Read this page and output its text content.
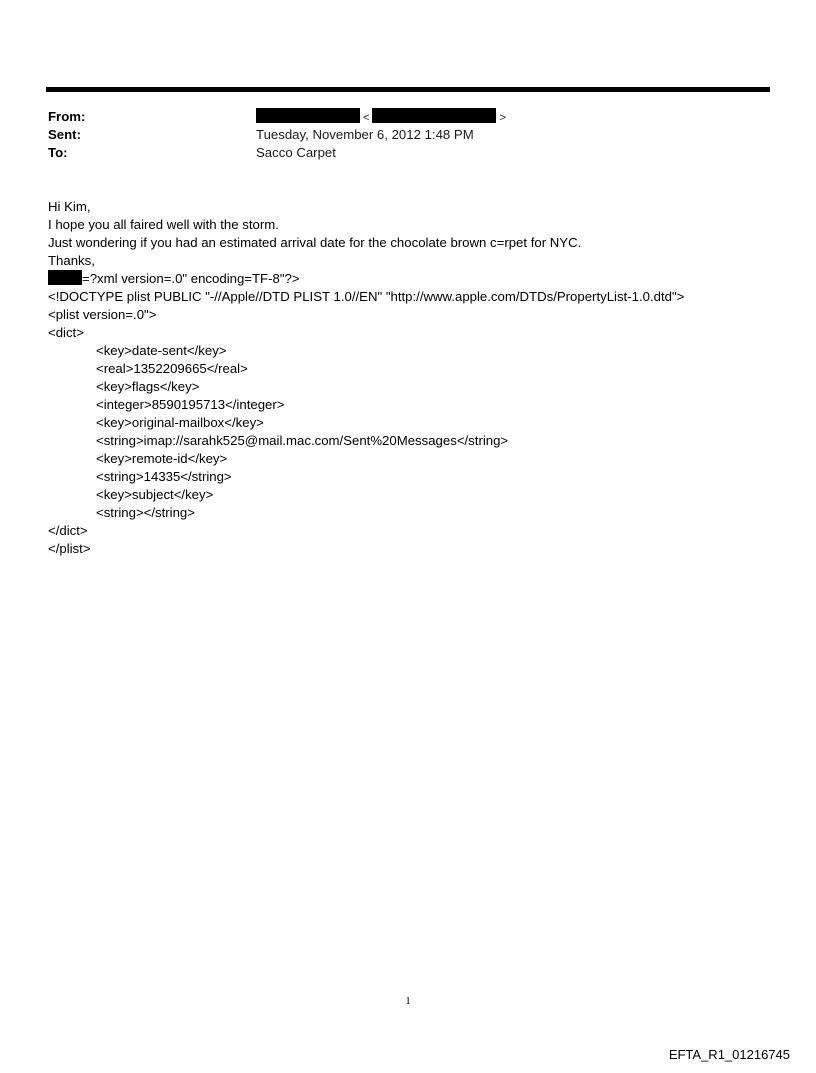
From:	<	>
Sent:	Tuesday, November 6, 2012 1:48 PM
To:	Sacco Carpet
Hi Kim,
I hope you all faired well with the storm.
Just wondering if you had an estimated arrival date for the chocolate brown c=rpet for NYC.
Thanks,
=?xml version=.0" encoding=TF-8"?>
<!DOCTYPE plist PUBLIC "-//Apple//DTD PLIST 1.0//EN" "http://www.apple.com/DTDs/PropertyList-1.0.dtd">
<plist version=.0">
<dict>
<key>date-sent</key>
<real>1352209665</real>
<key>flags</key>
<integer>8590195713</integer>
<key>original-mailbox</key>
<string>imap://sarahk525@mail.mac.com/Sent%20Messages</string>
<key>remote-id</key>
<string>14335</string>
<key>subject</key>
<string></string>
</dict>
</plist>
1
EFTA_R1_01216745
